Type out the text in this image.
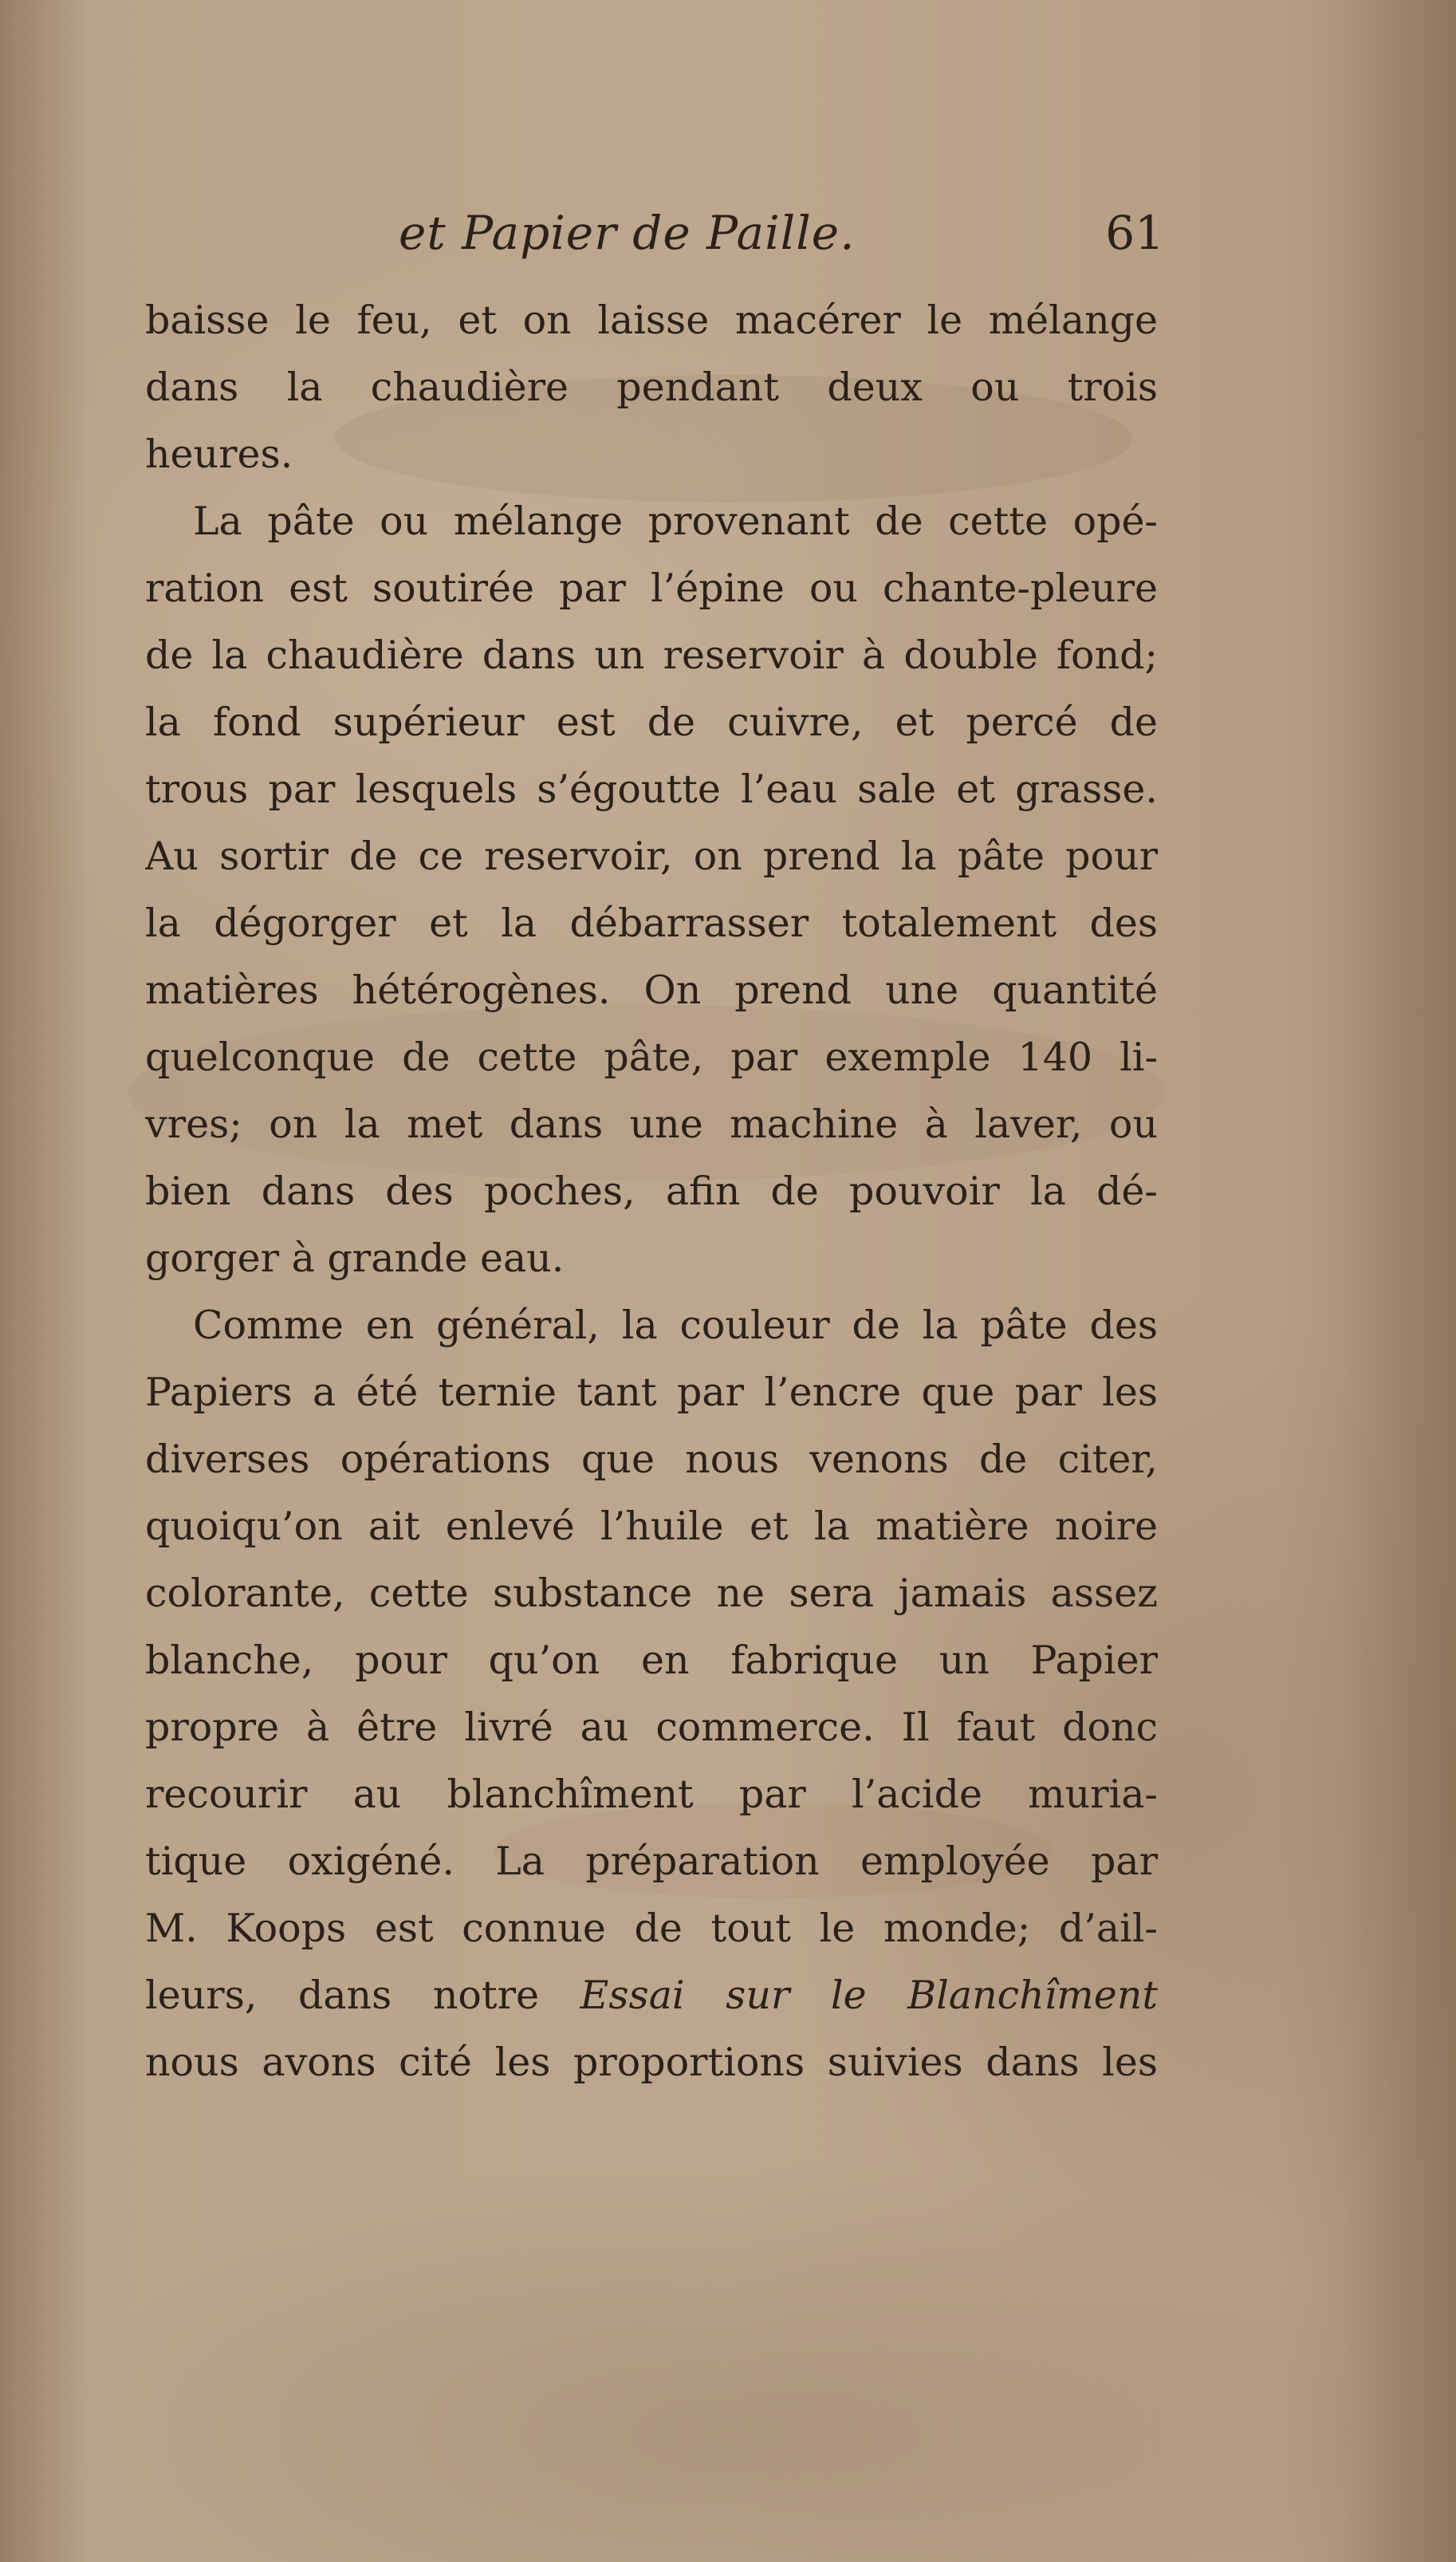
et Papier de Paille.	61
baisse le feu, et on laisse macérer le mélange
dans la chaudière pendant deux ou trois
heures.
La pâte ou mélange provenant de cette opé-
ration est soutirée par l’épine ou chante-pleure
de la chaudière dans un reservoir à double fond;
la fond supérieur est de cuivre, et percé de
trous par lesquels s’égoutte l’eau sale et grasse.
Au sortir de ce reservoir, on prend la pâte pour
la dégorger et la débarrasser totalement des
matières hétérogènes. On prend une quantité
quelconque de cette pâte, par exemple 140 li-
vres; on la met dans une machine à laver, ou
bien dans des poches, afin de pouvoir la dé-
gorger à grande eau.
Comme en général, la couleur de la pâte des
Papiers a été ternie tant par l’encre que par les
diverses opérations que nous venons de citer,
quoiqu’on ait enlevé l’huile et la matière noire
colorante, cette substance ne sera jamais assez
blanche, pour qu’on en fabrique un Papier
propre à être livré au commerce. Il faut donc
recourir au blanchîment par l’acide muria-
tique oxigéné. La préparation employée par
M. Koops est connue de tout le monde; d’ail-
leurs, dans notre Essai sur le Blanchîment
nous avons cité les proportions suivies dans les
